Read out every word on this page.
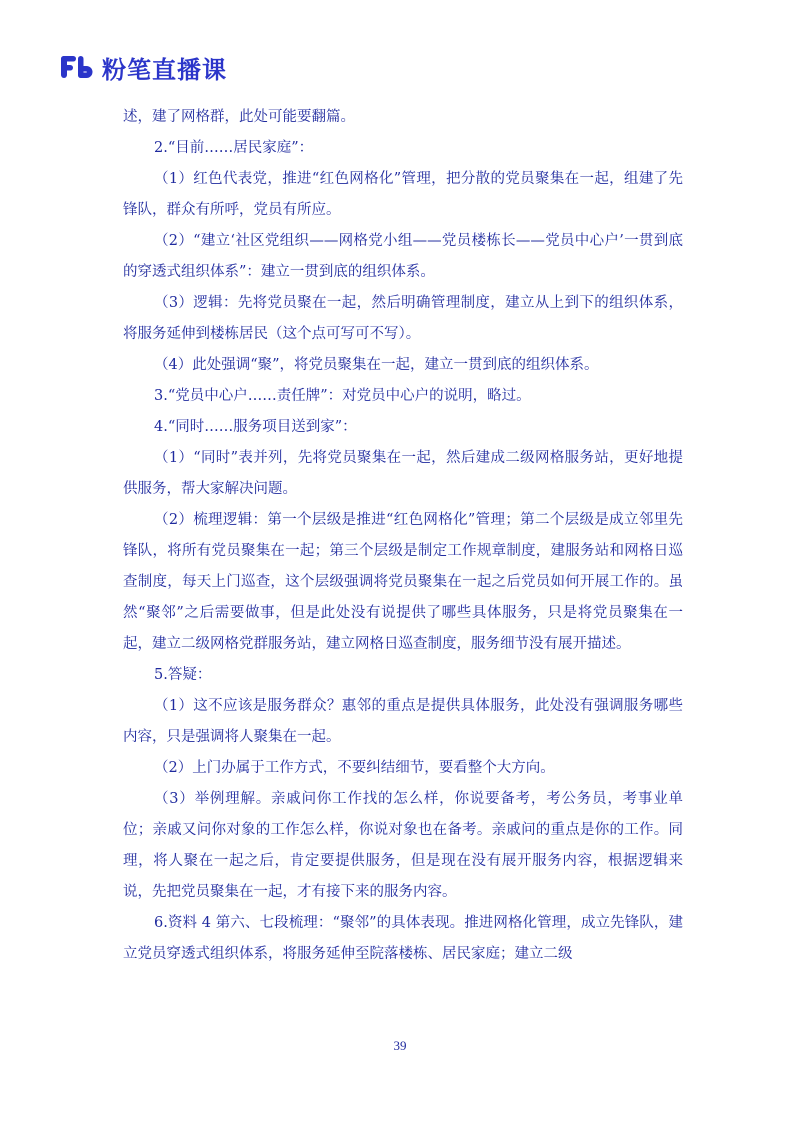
粉笔直播课

述，建了网格群，此处可能要翻篇。

2.“目前……居民家庭”：

（1）红色代表党，推进“红色网格化”管理，把分散的党员聚集在一起，组建了先锋队，群众有所呼，党员有所应。

（2）“建立‘社区党组织——网格党小组——党员楼栋长——党员中心户’一贯到底的穿透式组织体系”：建立一贯到底的组织体系。

（3）逻辑：先将党员聚在一起，然后明确管理制度，建立从上到下的组织体系，将服务延伸到楼栋居民（这个点可写可不写）。

（4）此处强调“聚”，将党员聚集在一起，建立一贯到底的组织体系。

3.“党员中心户……责任牌”：对党员中心户的说明，略过。

4.“同时……服务项目送到家”：

（1）“同时”表并列，先将党员聚集在一起，然后建成二级网格服务站，更好地提供服务，帮大家解决问题。

（2）梳理逻辑：第一个层级是推进“红色网格化”管理；第二个层级是成立邻里先锋队，将所有党员聚集在一起；第三个层级是制定工作规章制度，建服务站和网格日巡查制度，每天上门巡查，这个层级强调将党员聚集在一起之后党员如何开展工作的。虽然“聚邻”之后需要做事，但是此处没有说提供了哪些具体服务，只是将党员聚集在一起，建立二级网格党群服务站，建立网格日巡查制度，服务细节没有展开描述。

5.答疑：

（1）这不应该是服务群众？惠邻的重点是提供具体服务，此处没有强调服务哪些内容，只是强调将人聚集在一起。

（2）上门办属于工作方式，不要纠结细节，要看整个大方向。

（3）举例理解。亲戚问你工作找的怎么样，你说要备考，考公务员，考事业单位；亲戚又问你对象的工作怎么样，你说对象也在备考。亲戚问的重点是你的工作。同理，将人聚在一起之后，肯定要提供服务，但是现在没有展开服务内容，根据逻辑来说，先把党员聚集在一起，才有接下来的服务内容。

6.资料 4 第六、七段梳理：“聚邻”的具体表现。推进网格化管理，成立先锋队，建立党员穿透式组织体系，将服务延伸至院落楼栋、居民家庭；建立二级

39
